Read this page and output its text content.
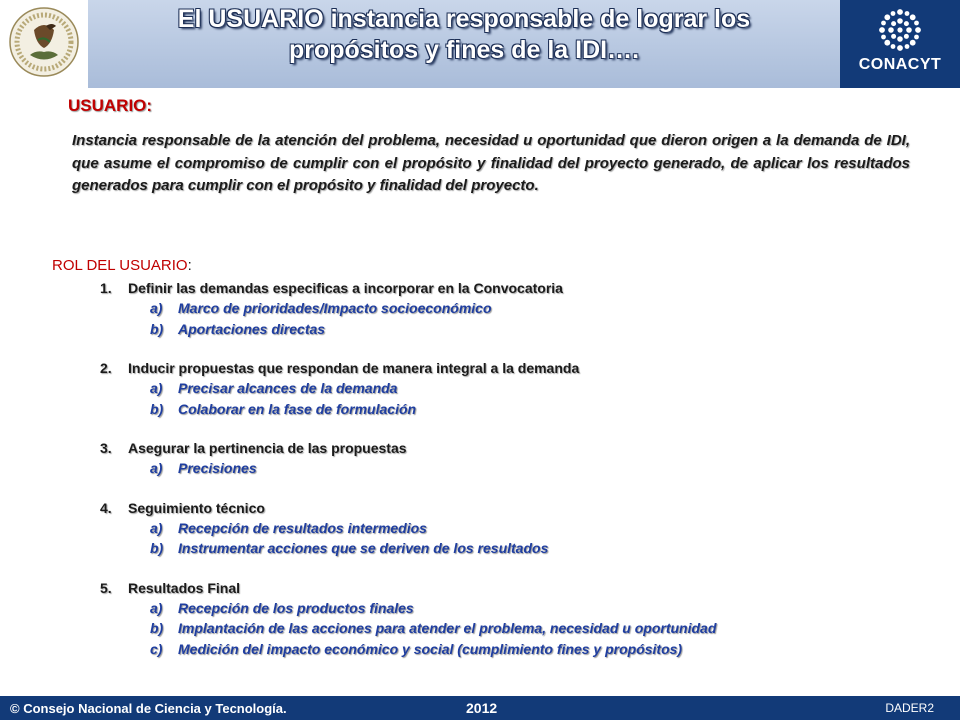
El USUARIO instancia responsable de lograr los
propósitos y fines de la IDI….
CONACYT
USUARIO:
Instancia responsable de la atención del problema, necesidad u oportunidad que dieron origen a la demanda de IDI, que asume el compromiso de cumplir con el propósito y finalidad del proyecto generado, de aplicar los resultados generados para cumplir con el propósito y finalidad del proyecto.
ROL DEL USUARIO:
1. Definir las demandas especificas a incorporar en la Convocatoria
a) Marco de prioridades/Impacto socioeconómico
b) Aportaciones directas
2. Inducir propuestas que respondan de manera integral a la demanda
a) Precisar alcances de la demanda
b) Colaborar en la fase de formulación
3. Asegurar la pertinencia de las propuestas
a) Precisiones
4. Seguimiento técnico
a) Recepción de resultados intermedios
b) Instrumentar acciones que se deriven de los resultados
5. Resultados Final
a) Recepción de los productos finales
b) Implantación de las acciones para atender el problema, necesidad u oportunidad
c) Medición del impacto económico y social (cumplimiento fines y propósitos)
© Consejo Nacional de Ciencia y Tecnología.	2012	DADER2
